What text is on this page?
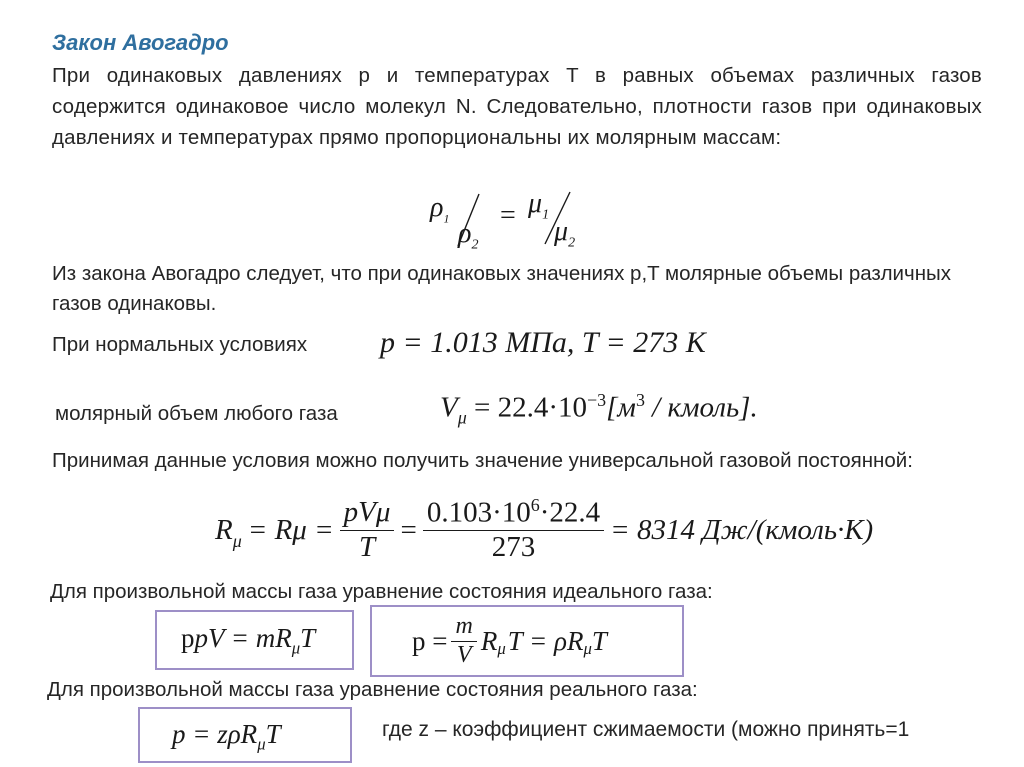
Закон Авогадро
При одинаковых давлениях p и температурах T в равных объемах различных газов содержится одинаковое число молекул N. Следовательно, плотности газов при одинаковых давлениях и температурах прямо пропорциональны их молярным массам:
$\rho_1$ $\rho_2$
= $\mu_1$
$\mu_2$
Из закона Авогадро следует, что при одинаковых значениях p,T молярные объемы различных газов одинаковы.
При нормальных условиях p = 1.013 МПа, T = 273 К
молярный объем любого газа	$V_\mu = 22.4\cdot 10^{-3}[м^3$ / кмоль].
Принимая данные условия можно получить значение универсальной газовой постоянной:
$R_\mu = R\mu = \frac{\text{pVμ}}{T} = \frac{0.103\cdot 10^6\cdot 22.4}{273} = 8314$ Дж/(кмоль·К)
Для произвольной массы газа уравнение состояния идеального газа:
ppV = $mR_\mu T$	$p = \frac{m}{V} R_\mu$ $T = \rho R_\mu$ T
Для произвольной массы газа уравнение состояния реального газа:
p = zρR$_\mu$T	где z – коэффициент сжимаемости (можно принять=1
